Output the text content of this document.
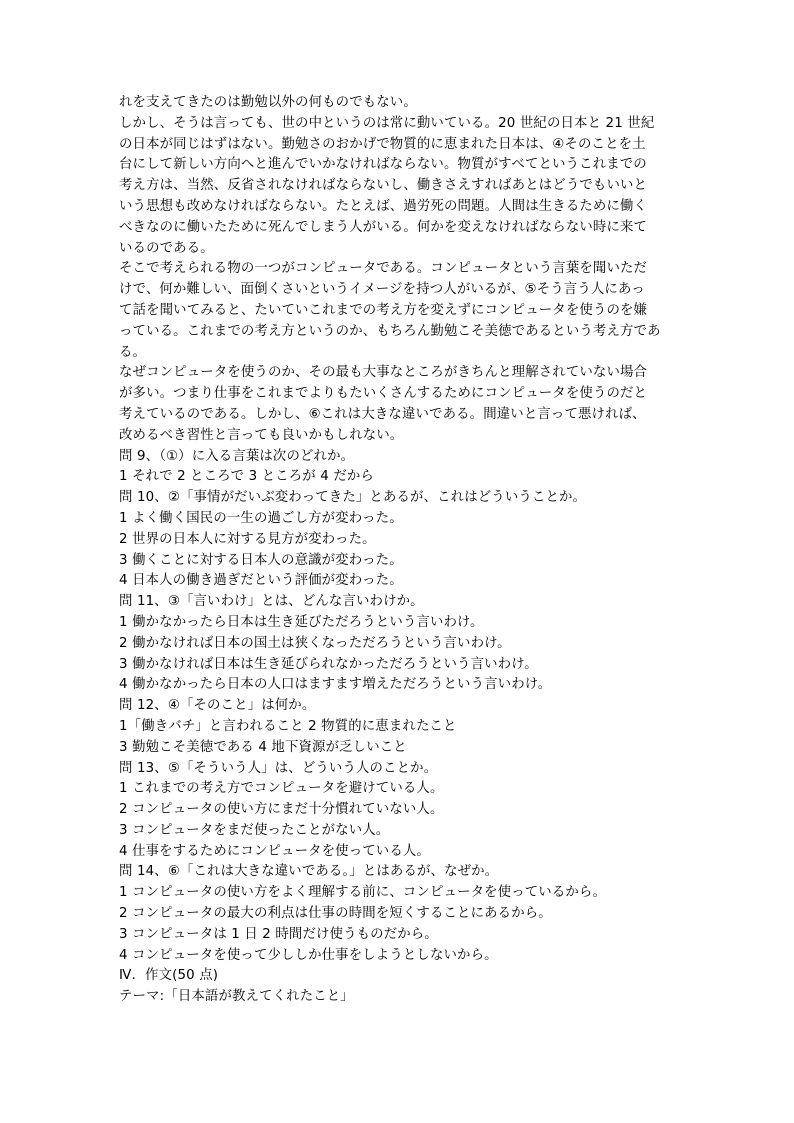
れを支えてきたのは勤勉以外の何ものでもない。
しかし、そうは言っても、世の中というのは常に動いている。20 世紀の日本と 21 世紀
の日本が同じはずはない。勤勉さのおかげで物質的に恵まれた日本は、④そのことを土
台にして新しい方向へと進んでいかなければならない。物質がすべてというこれまでの
考え方は、当然、反省されなければならないし、働きさえすればあとはどうでもいいと
いう思想も改めなければならない。たとえば、過労死の問題。人間は生きるために働く
べきなのに働いたために死んでしまう人がいる。何かを変えなければならない時に来て
いるのである。
そこで考えられる物の一つがコンピュータである。コンピュータという言葉を聞いただ
けで、何か難しい、面倒くさいというイメージを持つ人がいるが、⑤そう言う人にあっ
て話を聞いてみると、たいていこれまでの考え方を変えずにコンピュータを使うのを嫌
っている。これまでの考え方というのか、もちろん勤勉こそ美徳であるという考え方であ
る。
なぜコンピュータを使うのか、その最も大事なところがきちんと理解されていない場合
が多い。つまり仕事をこれまでよりもたいくさんするためにコンピュータを使うのだと
考えているのである。しかし、⑥これは大きな違いである。間違いと言って悪ければ、
改めるべき習性と言っても良いかもしれない。
問 9、（①）に入る言葉は次のどれか。
1 それで 2 ところで 3 ところが 4 だから
問 10、②「事情がだいぶ変わってきた」とあるが、これはどういうことか。
1 よく働く国民の一生の過ごし方が変わった。
2 世界の日本人に対する見方が変わった。
3 働くことに対する日本人の意識が変わった。
4 日本人の働き過ぎだという評価が変わった。
問 11、③「言いわけ」とは、どんな言いわけか。
1 働かなかったら日本は生き延びただろうという言いわけ。
2 働かなければ日本の国土は狭くなっただろうという言いわけ。
3 働かなければ日本は生き延びられなかっただろうという言いわけ。
4 働かなかったら日本の人口はますます増えただろうという言いわけ。
問 12、④「そのこと」は何か。
1「働きバチ」と言われること 2 物質的に恵まれたこと
3 勤勉こそ美徳である 4 地下資源が乏しいこと
問 13、⑤「そういう人」は、どういう人のことか。
1 これまでの考え方でコンピュータを避けている人。
2 コンピュータの使い方にまだ十分慣れていない人。
3 コンピュータをまだ使ったことがない人。
4 仕事をするためにコンピュータを使っている人。
問 14、⑥「これは大きな違いである。」とはあるが、なぜか。
1 コンピュータの使い方をよく理解する前に、コンピュータを使っているから。
2 コンピュータの最大の利点は仕事の時間を短くすることにあるから。
3 コンピュータは 1 日 2 時間だけ使うものだから。
4 コンピュータを使って少ししか仕事をしようとしないから。
Ⅳ．作文(50 点)
テーマ:「日本語が教えてくれたこと」
